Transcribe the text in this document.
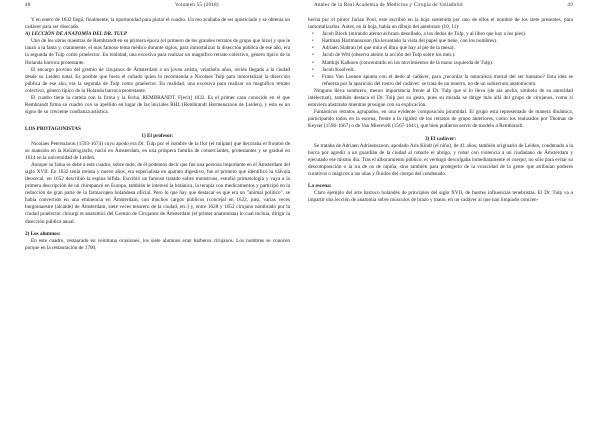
48	Volumen 55 (2018)

Y en enero de 1632 llegó, finalmente, la oportunidad para pintar el cuadro. Un reo acababa de ser ajusticiado y se obtenía un cadáver para ser disecado.

A) LECCIÓN DE ANATOMÍA DEL DR. TULP

Uno de los obras maestras de Rembrandt en su primera época (el primero de los grandes retratos de grupo que hizo) y que le lanzó a la fama y, claramente, el más famoso tema médico durante siglos, para inmortalizar la disección pública de ese año, era la segunda de Tulp como praelector. En realidad, una excesiva para realizar un magnífico retrato colectivo, género típico de la Holanda barroca protestante.

El encargo provino del gremio de cirujanos de Ámsterdam a un joven artista, veintiséis años, recién llegado a la ciudad desde su Leiden natal. Es posible que fuera el cuñado quien lo recomienda a Nicolaes Tulp para inmortalizar la disección pública de ese año, era la segunda de Tulp como praelector. En realidad, una excesiva para realizar un magnífico retrato colectivo, género típico de la Holanda barroca protestante.

El cuadro tiene la cartela con la firma y la fecha, REMBRANDT. F[ecit] 1632. Es el primer caso conocido en el que Rembrandt firma su cuadro con su apellido en lugar de las iniciales RHL (Rembrandt Harmenszoon de Leiden), y esto es un signo de su creciente confianza artística.

LOS PROTAGONISTAS

1) El profesor:

Nicolaes Petersszoon (1593-1674) cuyo apodo era Dr. Tulp por el nombre de la flor (el tulipán) que decoraba el frontón de su mansión en la Keizersgracht, nació en Ámsterdam, en una próspera familia de comerciantes, protestantes y se graduó en 1614 en la universidad de Leiden.

Aunque su fama se debe a este cuadro, sobre todo, de él podemos decir que fue una persona importante en el Ámsterdam del siglo XVII. En 1632 tenía treinta y nueve años, era especialista en aparato digestivo, fue el primero que identificó la válvula ileocecal, en 1652 describió la espina bífida. Escribió un famoso tratado sobre monstruos, estudió primatología y vayа a la primera descripción de un chimpancé en Europa, también le interesó la botánica, la terapia con medicamentos y participó en la redacción de gran parte de la farmacopea holandesa oficial. Pero lo que hay que destacar es que era un "animal político", se había convertido en una eminencia en Ámsterdam, con muchos cargos públicos (concejal en 1622, juez, varias veces burgomaestre (alcalde) de Ámsterdam, siete veces tesorero de la ciudad, etc.) y, entre 1628 y 1652 cirujano nombrado por la ciudad praelector chirurgi et anatomici del Gremio de Cirujanos de Ámsterdam (el primer anatomista) lo cual incluía, dirigir la disección pública anual.

2) Los alumnos:

En este cuadro, restaurado en veintiuna ocasiones, los siete alumnos eran barberos cirujanos. Los nombres se conocen porque en la restauración de 1700,

Anales de la Real Academia de Medicina y Cirugía de Valladolid	49

hecha por el pintor Jurian Pool, este escribió en la hoja sostenida por uno de ellos el nombre de los siete presentes, para inmortalizarlos. Antes, en la hoja, había un dibujo del antebrazo (10, 11):

• Jacob Block (mirando atento al brazo desollado, a los dedos de Tulp, y al libro que hay a los pies).
• Hartman Hartmanszoon (ha levantado la vista del papel que tiene, con los nombres).
• Adriaen Slabran (el que mira el libro que hay al pie de la mesa).
• Jacob de Witt (observa atento la acción del Tulp sobre los mm.).
• Matthijs Kalkoen (concentrado en los movimientos de la mano izquierda de Tulp).
• Jacob Koolvelt.
• Frans Van Loenen apunta con el dedo al cadáver, para ¿recordar la naturaleza mortal del ser humano? Esta idea se refuerza por la aparición del rostro del cadáver: se trata de un muerto, no de un subiectum anatomicum.

Ninguno lleva sombrero, menor importancia frente al Dr. Tulp que sí lo lleva (de ala ancha, símbolo de su autoridad intelectual), también destaca el Dr. Tulp por su gesto, pues su mirada se dirige más allá del grupo de cirujanos, como si estuviera abstraído mientras prosigue con su explicación.

Fantásticos retratos agrupados, en una evidente composición piramidal. El grupo está representado de manera dinámica, participando todos en la escena, frente a la rigidez de los retratos de grupo anteriores, como los realizados por Thomas de Keyser (1596-1667) o de Van Mierevelt (1567-1641), que bien pudieron servir de modelo a Rembrandt.

3) El cadáver:

Se trataba de Adriaen Adriaenszoon, apodado Aris Kindt (el niño), de 41 años, también originario de Leiden, condenado a la horca por agredir a un guardián de la ciudad al robarle el abrigo, y robar con violencia a un ciudadano de Ámsterdam y ejecutado ese mismo día. Tras el alboramiento público, el verdugo descolgaba inmediatamente el cuerpo, no sólo para evitar su descomposición o la ira de os de rapiña, sino también para protegerlo de la voracidad de la gente que atribuían poderes curativos o mágicos a las uñas y fluidos del cuerpo del condenado.

La escena:

Claro ejemplo del arte barroco holandés de principios del siglo XVII, de fuertes influencias tenebristas. El Dr. Tulp va a impartir una lección de anatomía sobre músculos de brazo y mano, en un cadáver al que han limpiado concien-
